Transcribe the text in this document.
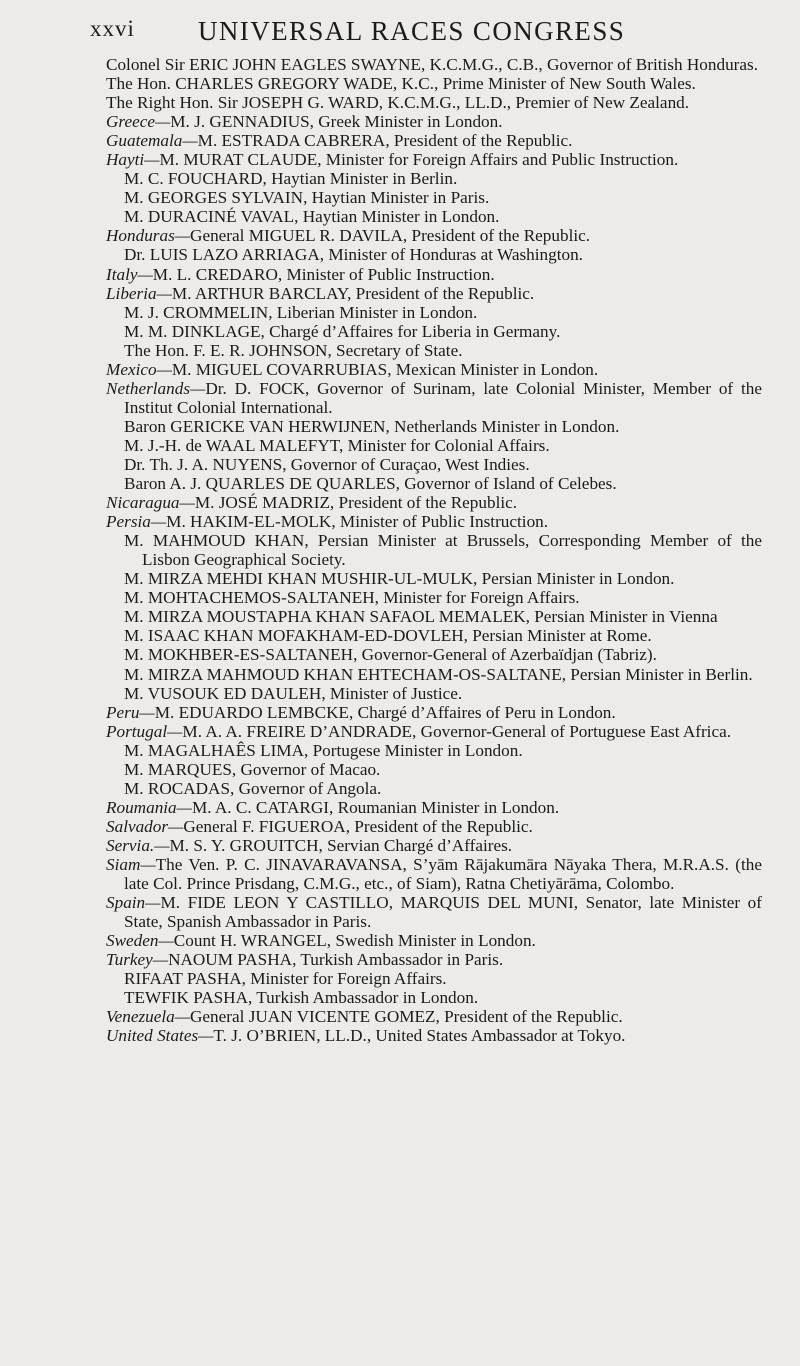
xxvi UNIVERSAL RACES CONGRESS
Colonel Sir ERIC JOHN EAGLES SWAYNE, K.C.M.G., C.B., Governor of British Honduras.
The Hon. CHARLES GREGORY WADE, K.C., Prime Minister of New South Wales.
The Right Hon. Sir JOSEPH G. WARD, K.C.M.G., LL.D., Premier of New Zealand.
Greece—M. J. GENNADIUS, Greek Minister in London.
Guatemala—M. ESTRADA CABRERA, President of the Republic.
Hayti—M. MURAT CLAUDE, Minister for Foreign Affairs and Public Instruction.
M. C. FOUCHARD, Haytian Minister in Berlin.
M. GEORGES SYLVAIN, Haytian Minister in Paris.
M. DURACINÉ VAVAL, Haytian Minister in London.
Honduras—General MIGUEL R. DAVILA, President of the Republic.
Dr. LUIS LAZO ARRIAGA, Minister of Honduras at Washington.
Italy—M. L. CREDARO, Minister of Public Instruction.
Liberia—M. ARTHUR BARCLAY, President of the Republic.
M. J. CROMMELIN, Liberian Minister in London.
M. M. DINKLAGE, Chargé d’Affaires for Liberia in Germany.
The Hon. F. E. R. JOHNSON, Secretary of State.
Mexico—M. MIGUEL COVARRUBIAS, Mexican Minister in London.
Netherlands—Dr. D. FOCK, Governor of Surinam, late Colonial Minister, Member of the Institut Colonial International.
Baron GERICKE VAN HERWIJNEN, Netherlands Minister in London.
M. J.-H. de WAAL MALEFYT, Minister for Colonial Affairs.
Dr. Th. J. A. NUYENS, Governor of Curaçao, West Indies.
Baron A. J. QUARLES DE QUARLES, Governor of Island of Celebes.
Nicaragua—M. JOSÉ MADRIZ, President of the Republic.
Persia—M. HAKIM-EL-MOLK, Minister of Public Instruction.
M. MAHMOUD KHAN, Persian Minister at Brussels, Corresponding Member of the Lisbon Geographical Society.
M. MIRZA MEHDI KHAN MUSHIR-UL-MULK, Persian Minister in London.
M. MOHTACHEMOS-SALTANEH, Minister for Foreign Affairs.
M. MIRZA MOUSTAPHA KHAN SAFAOL MEMALEK, Persian Minister in Vienna
M. ISAAC KHAN MOFAKHAM-ED-DOVLEH, Persian Minister at Rome.
M. MOKHBER-ES-SALTANEH, Governor-General of Azerbaïdjan (Tabriz).
M. MIRZA MAHMOUD KHAN EHTECHAM-OS-SALTANE, Persian Minister in Berlin.
M. VUSOUK ED DAULEH, Minister of Justice.
Peru—M. EDUARDO LEMBCKE, Chargé d’Affaires of Peru in London.
Portugal—M. A. A. FREIRE D’ANDRADE, Governor-General of Portuguese East Africa.
M. MAGALHAÊS LIMA, Portugese Minister in London.
M. MARQUES, Governor of Macao.
M. ROCADAS, Governor of Angola.
Roumania—M. A. C. CATARGI, Roumanian Minister in London.
Salvador—General F. FIGUEROA, President of the Republic.
Servia.—M. S. Y. GROUITCH, Servian Chargé d’Affaires.
Siam—The Ven. P. C. JINAVARAVANSA, S’yām Rājakumāra Nāyaka Thera, M.R.A.S. (the late Col. Prince Prisdang, C.M.G., etc., of Siam), Ratna Chetiyārāma, Colombo.
Spain—M. FIDE LEON Y CASTILLO, MARQUIS DEL MUNI, Senator, late Minister of State, Spanish Ambassador in Paris.
Sweden—Count H. WRANGEL, Swedish Minister in London.
Turkey—NAOUM PASHA, Turkish Ambassador in Paris.
RIFAAT PASHA, Minister for Foreign Affairs.
TEWFIK PASHA, Turkish Ambassador in London.
Venezuela—General JUAN VICENTE GOMEZ, President of the Republic.
United States—T. J. O’BRIEN, LL.D., United States Ambassador at Tokyo.
